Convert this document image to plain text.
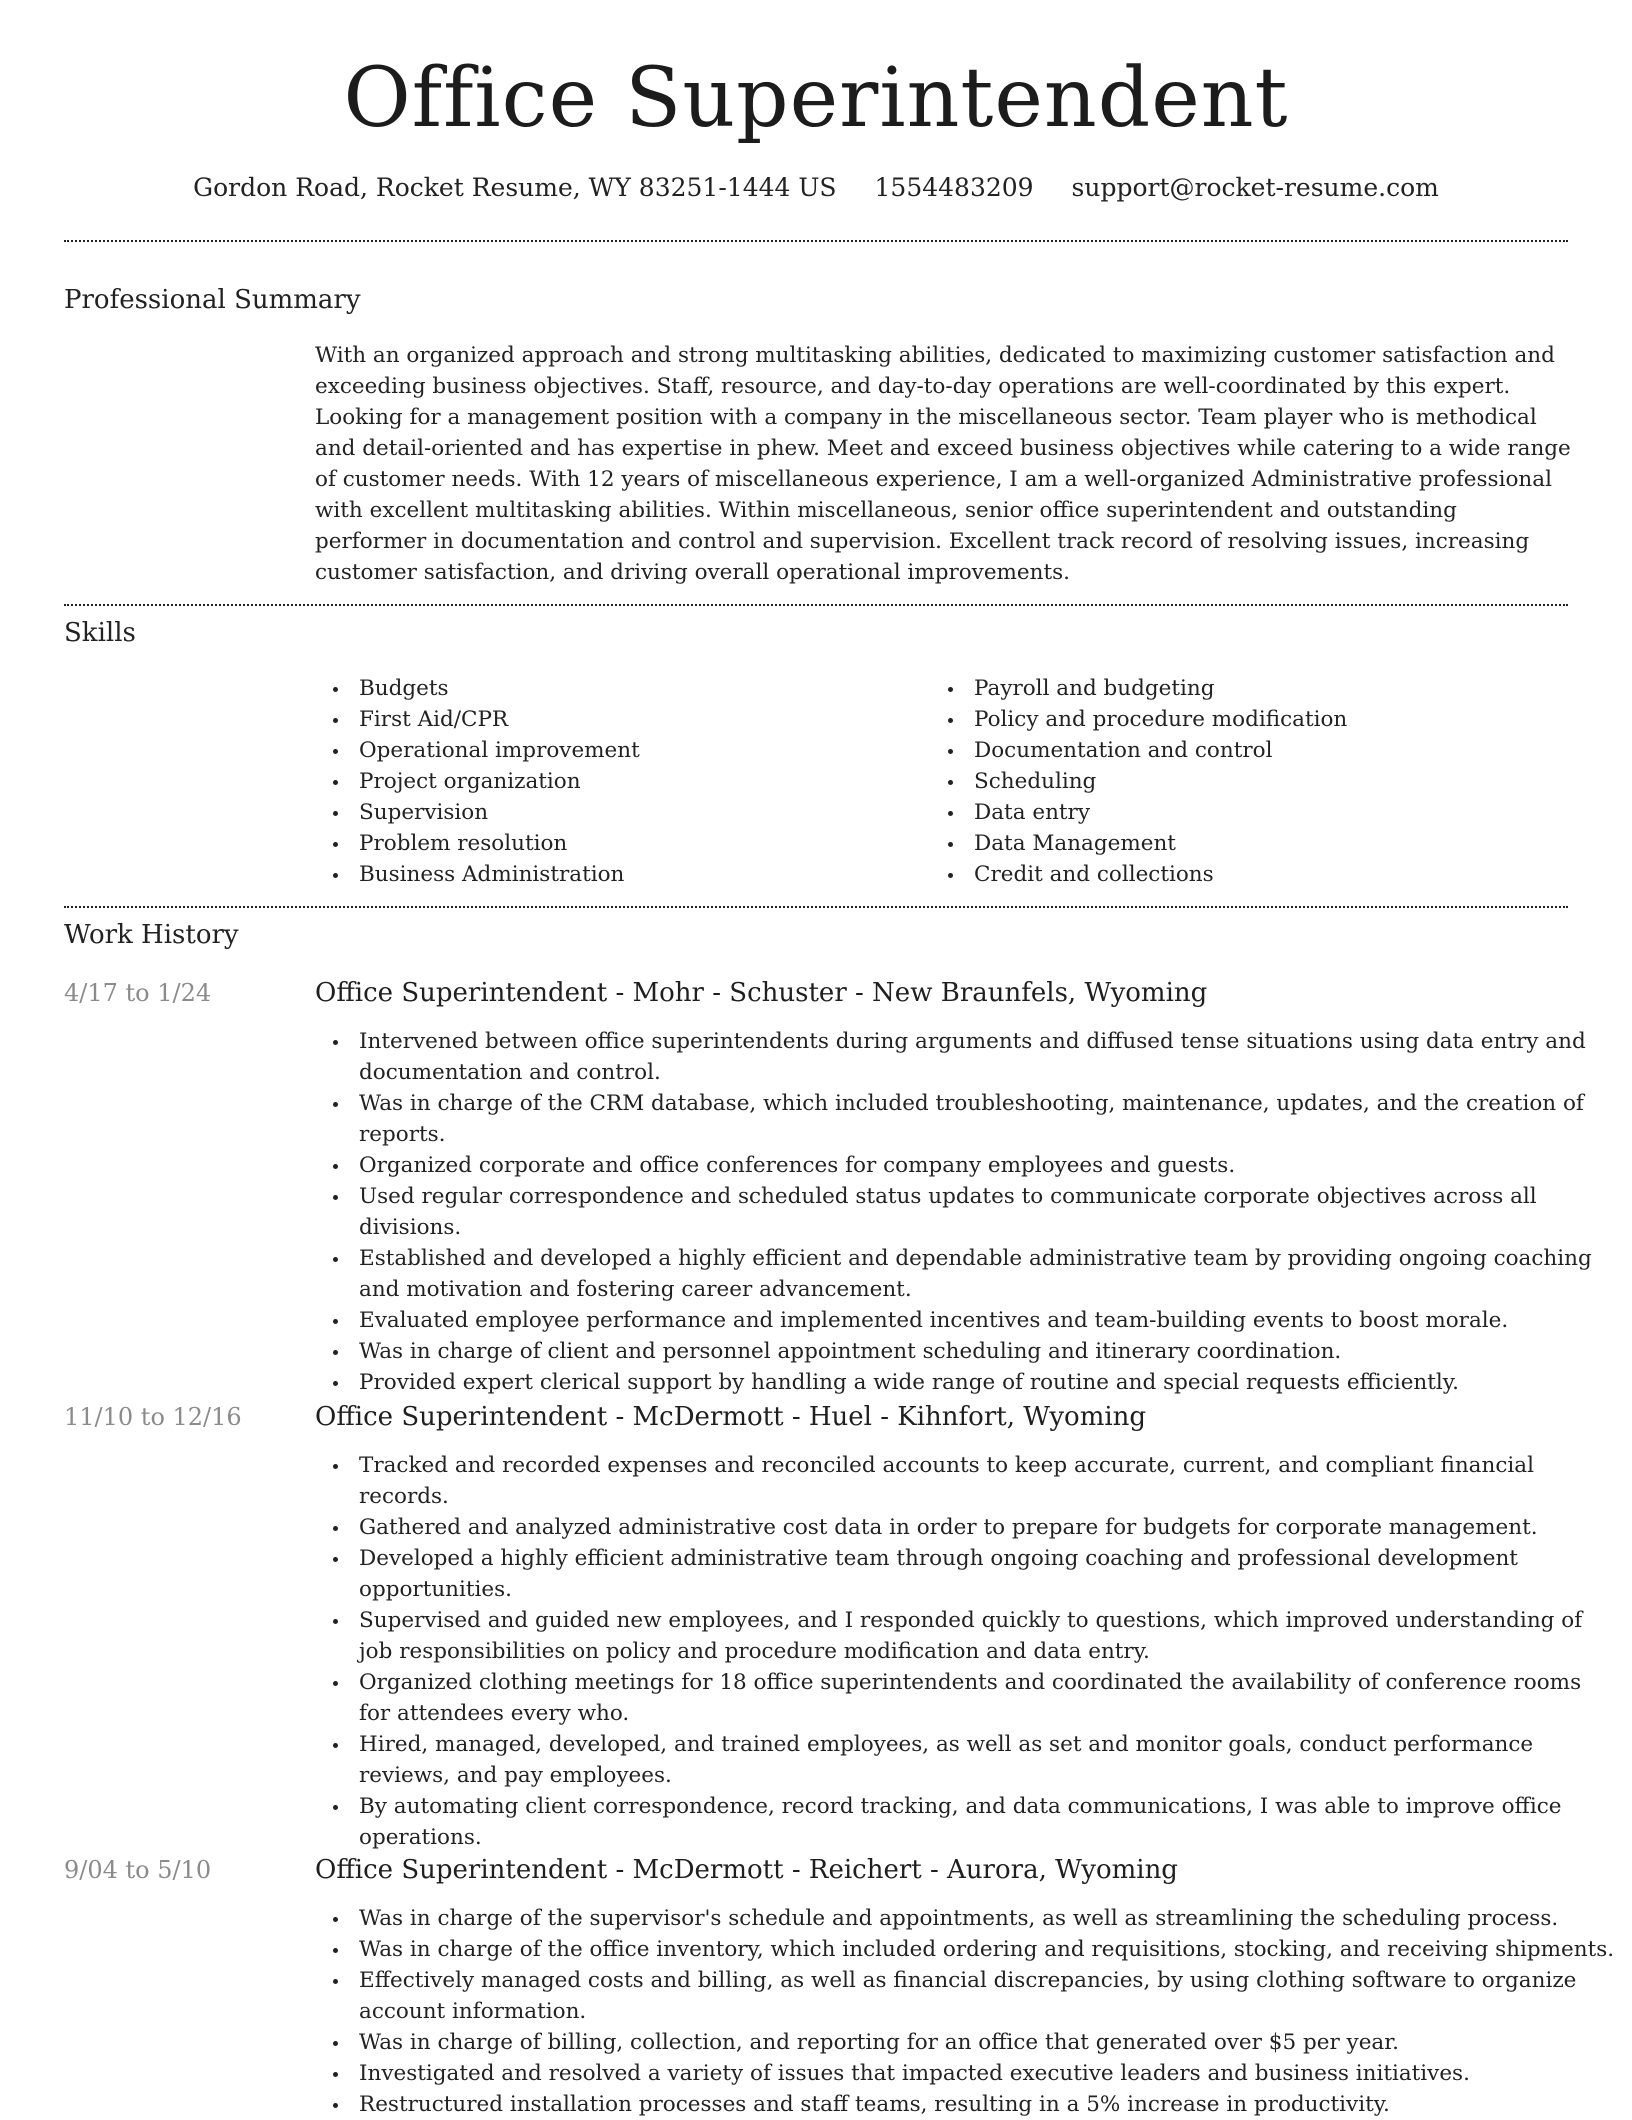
Office Superintendent
Gordon Road, Rocket Resume, WY 83251-1444 US 1554483209 support@rocket-resume.com
Professional Summary

With an organized approach and strong multitasking abilities, dedicated to maximizing customer satisfaction and exceeding business objectives. Staff, resource, and day-to-day operations are well-coordinated by this expert. Looking for a management position with a company in the miscellaneous sector. Team player who is methodical and detail-oriented and has expertise in phew. Meet and exceed business objectives while catering to a wide range of customer needs. With 12 years of miscellaneous experience, I am a well-organized Administrative professional with excellent multitasking abilities. Within miscellaneous, senior office superintendent and outstanding performer in documentation and control and supervision. Excellent track record of resolving issues, increasing customer satisfaction, and driving overall operational improvements.

Skills
Budgets
First Aid/CPR
Operational improvement
Project organization
Supervision
Problem resolution
Business Administration
Payroll and budgeting
Policy and procedure modification
Documentation and control
Scheduling
Data entry
Data Management
Credit and collections
Work History
4/17 to 1/24	Office Superintendent - Mohr - Schuster - New Braunfels, Wyoming
Intervened between office superintendents during arguments and diffused tense situations using data entry and documentation and control.
Was in charge of the CRM database, which included troubleshooting, maintenance, updates, and the creation of reports.
Organized corporate and office conferences for company employees and guests.
Used regular correspondence and scheduled status updates to communicate corporate objectives across all divisions.
Established and developed a highly efficient and dependable administrative team by providing ongoing coaching and motivation and fostering career advancement.
Evaluated employee performance and implemented incentives and team-building events to boost morale.
Was in charge of client and personnel appointment scheduling and itinerary coordination.
Provided expert clerical support by handling a wide range of routine and special requests efficiently.
11/10 to 12/16	Office Superintendent - McDermott - Huel - Kihnfort, Wyoming
Tracked and recorded expenses and reconciled accounts to keep accurate, current, and compliant financial records.
Gathered and analyzed administrative cost data in order to prepare for budgets for corporate management.
Developed a highly efficient administrative team through ongoing coaching and professional development opportunities.
Supervised and guided new employees, and I responded quickly to questions, which improved understanding of job responsibilities on policy and procedure modification and data entry.
Organized clothing meetings for 18 office superintendents and coordinated the availability of conference rooms for attendees every who.
Hired, managed, developed, and trained employees, as well as set and monitor goals, conduct performance reviews, and pay employees.
By automating client correspondence, record tracking, and data communications, I was able to improve office operations.
9/04 to 5/10	Office Superintendent - McDermott - Reichert - Aurora, Wyoming
Was in charge of the supervisor's schedule and appointments, as well as streamlining the scheduling process.
Was in charge of the office inventory, which included ordering and requisitions, stocking, and receiving shipments.
Effectively managed costs and billing, as well as financial discrepancies, by using clothing software to organize account information.
Was in charge of billing, collection, and reporting for an office that generated over $5 per year.
Investigated and resolved a variety of issues that impacted executive leaders and business initiatives.
Restructured installation processes and staff teams, resulting in a 5% increase in productivity.
